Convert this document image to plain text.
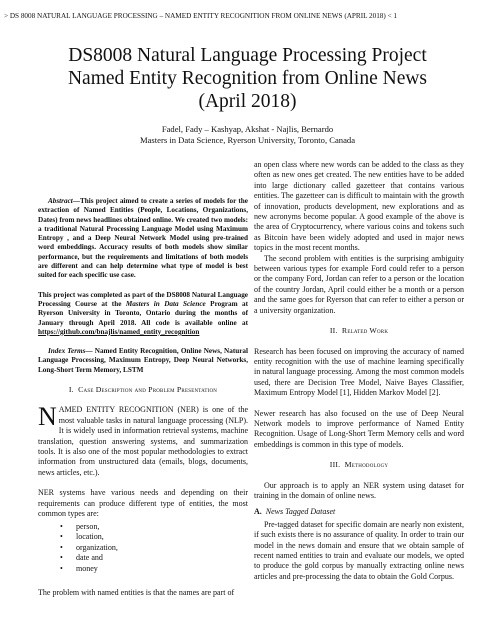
> DS 8008 NATURAL LANGUAGE PROCESSING – NAMED ENTITY RECOGNITION FROM ONLINE NEWS (APRIL 2018) < 1
DS8008 Natural Language Processing Project
Named Entity Recognition from Online News
(April 2018)
Fadel, Fady – Kashyap, Akshat - Najlis, Bernardo
Masters in Data Science, Ryerson University, Toronto, Canada

Abstract—This project aimed to create a series of models for the extraction of Named Entities (People, Locations, Organizations, Dates) from news headlines obtained online. We created two models: a traditional Natural Processing Language Model using Maximum Entropy , and a Deep Neural Network Model using pre-trained word embeddings. Accuracy results of both models show similar performance, but the requirements and limitations of both models are different and can help determine what type of model is best suited for each specific use case.

This project was completed as part of the DS8008 Natural Language Processing Course at the Masters in Data Science Program at Ryerson University in Toronto, Ontario during the months of January through April 2018. All code is available online at https://github.com/bnajlis/named_entity_recognition

Index Terms— Named Entity Recognition, Online News, Natural Language Processing, Maximum Entropy, Deep Neural Networks, Long-Short Term Memory, LSTM

I. Case Description and Problem Presentation

NAMED ENTITY RECOGNITION (NER) is one of the most valuable tasks in natural language processing (NLP). It is widely used in information retrieval systems, machine translation, question answering systems, and summarization tools. It is also one of the most popular methodologies to extract information from unstructured data (emails, blogs, documents, news articles, etc.).

NER systems have various needs and depending on their requirements can produce different type of entities, the most common types are:

• person,
• location,
• organization,
• date and
• money

The problem with named entities is that the names are part of

an open class where new words can be added to the class as they often as new ones get created. The new entities have to be added into large dictionary called gazetteer that contains various entities. The gazetteer can is difficult to maintain with the growth of innovation, products development, new explorations and as new acronyms become popular. A good example of the above is the area of Cryptocurrency, where various coins and tokens such as Bitcoin have been widely adopted and used in major news topics in the most recent months.

The second problem with entities is the surprising ambiguity between various types for example Ford could refer to a person or the company Ford, Jordan can refer to a person or the location of the country Jordan, April could either be a month or a person and the same goes for Ryerson that can refer to either a person or a university organization.

II. Related Work

Research has been focused on improving the accuracy of named entity recognition with the use of machine learning specifically in natural language processing. Among the most common models used, there are Decision Tree Model, Naive Bayes Classifier, Maximum Entropy Model [1], Hidden Markov Model [2].

Newer research has also focused on the use of Deep Neural Network models to improve performance of Named Entity Recognition. Usage of Long-Short Term Memory cells and word embeddings is common in this type of models.

III. Methodology

Our approach is to apply an NER system using dataset for training in the domain of online news.

A. News Tagged Dataset

Pre-tagged dataset for specific domain are nearly non existent, if such exists there is no assurance of quality. In order to train our model in the news domain and ensure that we obtain sample of recent named entities to train and evaluate our models, we opted to produce the gold corpus by manually extracting online news articles and pre-processing the data to obtain the Gold Corpus.
